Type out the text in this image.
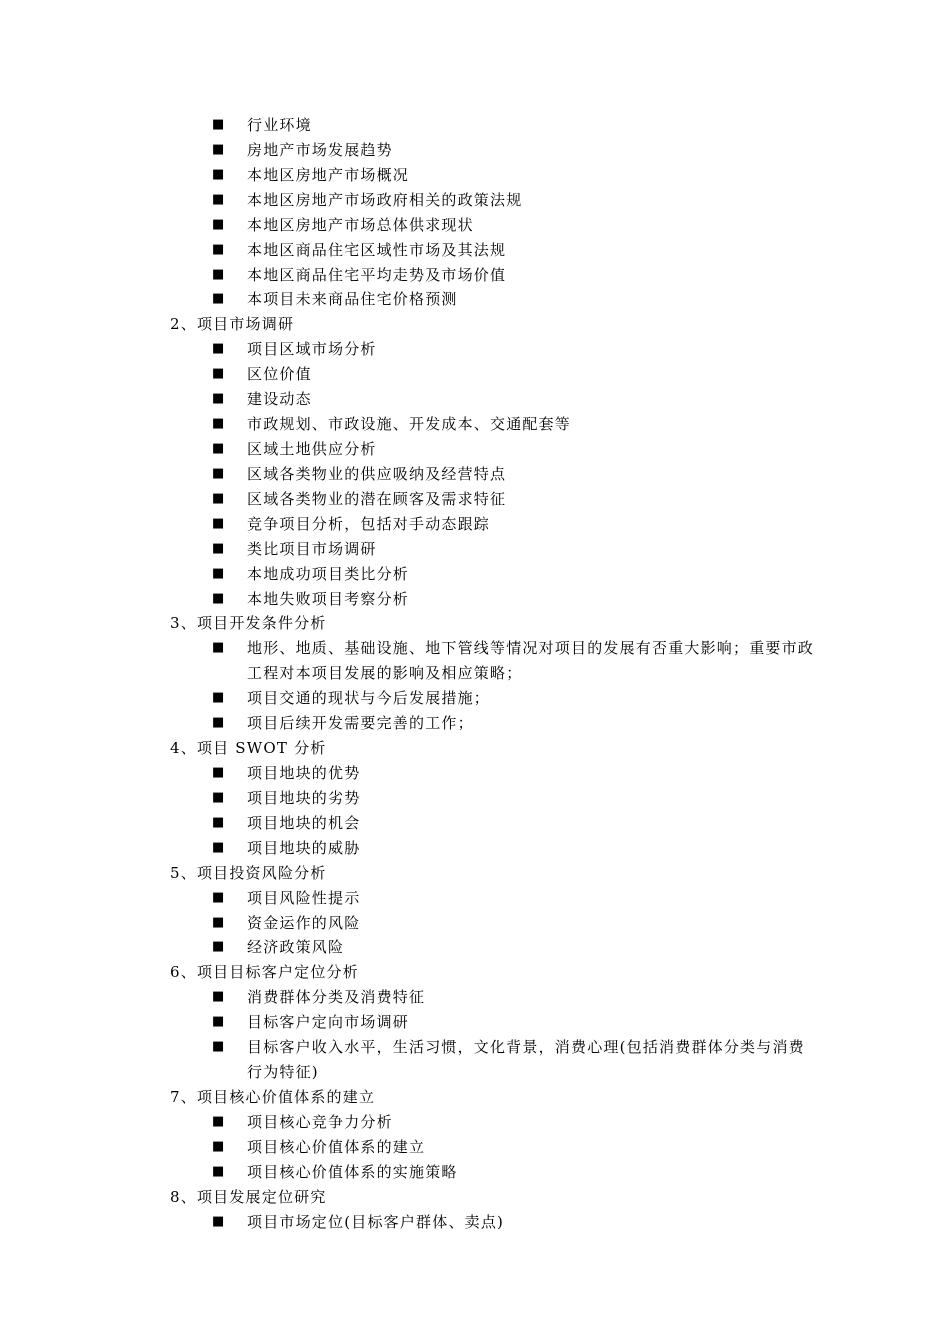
■ 行业环境
■ 房地产市场发展趋势
■ 本地区房地产市场概况
■ 本地区房地产市场政府相关的政策法规
■ 本地区房地产市场总体供求现状
■ 本地区商品住宅区域性市场及其法规
■ 本地区商品住宅平均走势及市场价值
■ 本项目未来商品住宅价格预测
2、项目市场调研
■ 项目区域市场分析
■ 区位价值
■ 建设动态
■ 市政规划、市政设施、开发成本、交通配套等
■ 区域土地供应分析
■ 区域各类物业的供应吸纳及经营特点
■ 区域各类物业的潜在顾客及需求特征
■ 竞争项目分析，包括对手动态跟踪
■ 类比项目市场调研
■ 本地成功项目类比分析
■ 本地失败项目考察分析
3、项目开发条件分析
■ 地形、地质、基础设施、地下管线等情况对项目的发展有否重大影响；重要市政工程对本项目发展的影响及相应策略；
■ 项目交通的现状与今后发展措施；
■ 项目后续开发需要完善的工作；
4、项目 SWOT 分析
■ 项目地块的优势
■ 项目地块的劣势
■ 项目地块的机会
■ 项目地块的威胁
5、项目投资风险分析
■ 项目风险性提示
■ 资金运作的风险
■ 经济政策风险
6、项目目标客户定位分析
■ 消费群体分类及消费特征
■ 目标客户定向市场调研
■ 目标客户收入水平，生活习惯，文化背景，消费心理(包括消费群体分类与消费行为特征)
7、项目核心价值体系的建立
■ 项目核心竞争力分析
■ 项目核心价值体系的建立
■ 项目核心价值体系的实施策略
8、项目发展定位研究
■ 项目市场定位(目标客户群体、卖点)
